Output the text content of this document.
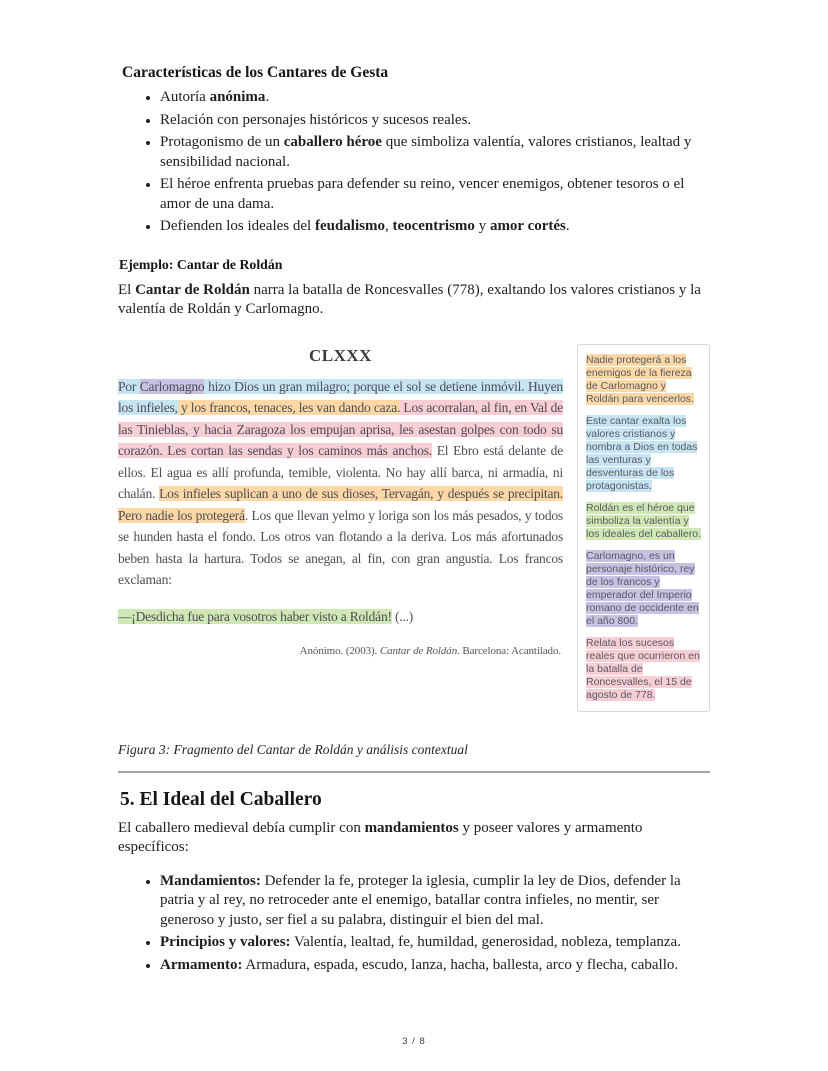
Características de los Cantares de Gesta
• Autoría anónima.
• Relación con personajes históricos y sucesos reales.
• Protagonismo de un caballero héroe que simboliza valentía, valores cristianos, lealtad y sensibilidad nacional.
• El héroe enfrenta pruebas para defender su reino, vencer enemigos, obtener tesoros o el amor de una dama.
• Defienden los ideales del feudalismo, teocentrismo y amor cortés.
Ejemplo: Cantar de Roldán

El Cantar de Roldán narra la batalla de Roncesvalles (778), exaltando los valores cristianos y la valentía de Roldán y Carlomagno.

CLXXX

Por Carlomagno hizo Dios un gran milagro; porque el sol se detiene inmóvil. Huyen los infieles, y los francos, tenaces, les van dando caza. Los acorralan, al fin, en Val de las Tinieblas, y hacia Zaragoza los empujan aprisa, les asestan golpes con todo su corazón. Les cortan las sendas y los caminos más anchos. El Ebro está delante de ellos. El agua es allí profunda, temible, violenta. No hay allí barca, ni armadía, ni chalán. Los infieles suplican a uno de sus dioses, Tervagán, y después se precipitan. Pero nadie los protegerá. Los que llevan yelmo y loriga son los más pesados, y todos se hunden hasta el fondo. Los otros van flotando a la deriva. Los más afortunados beben hasta la hartura. Todos se anegan, al fin, con gran angustia. Los francos exclaman:

—¡Desdicha fue para vosotros haber visto a Roldán! (...)

Anónimo. (2003). Cantar de Roldán. Barcelona: Acantilado.

Nadie protegerá a los enemigos de la fiereza de Carlomagno y Roldán para vencerlos.

Este cantar exalta los valores cristianos y nombra a Dios en todas las venturas y desventuras de los protagonistas.

Roldán es el héroe que simboliza la valentía y los ideales del caballero.

Carlomagno, es un personaje histórico, rey de los francos y emperador del Imperio romano de occidente en el año 800.

Relata los sucesos reales que ocurrieron en la batalla de Roncesvalles, el 15 de agosto de 778.

Figura 3: Fragmento del Cantar de Roldán y análisis contextual

5. El Ideal del Caballero

El caballero medieval debía cumplir con mandamientos y poseer valores y armamento específicos:

• Mandamientos: Defender la fe, proteger la iglesia, cumplir la ley de Dios, defender la patria y al rey, no retroceder ante el enemigo, batallar contra infieles, no mentir, ser generoso y justo, ser fiel a su palabra, distinguir el bien del mal.
• Principios y valores: Valentía, lealtad, fe, humildad, generosidad, nobleza, templanza.
• Armamento: Armadura, espada, escudo, lanza, hacha, ballesta, arco y flecha, caballo.
3 / 8
